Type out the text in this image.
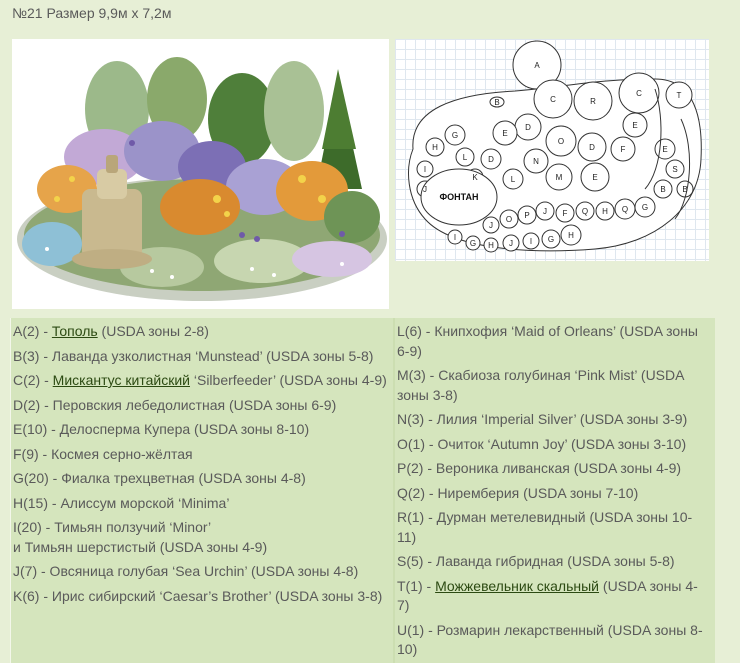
№21 Размер 9,9м х 7,2м
A
C	R
C	T
B
D
O
D	F
E
E
N
M	E
D
L
E
S
B
B
G
Q
H
Q
F
J
P
O
J
G
H
I
J
L
K
H
G
I
J
H
G
I
ФОНТАН

A(2) - Тополь (USDA зоны 2-8)

B(3) - Лаванда узколистная ‘Munstead’ (USDA зоны 5-8)

C(2) - Мискантус китайский ‘Silberfeeder’ (USDA зоны 4-9)

D(2) - Перовския лебедолистная (USDA зоны 6-9)

E(10) - Делосперма Купера (USDA зоны 8-10)

F(9) - Космея серно-жёлтая

G(20) - Фиалка трехцветная (USDA зоны 4-8)

H(15) - Алиссум морской ‘Minima’

I(20) - Тимьян ползучий ‘Minor’
и Тимьян шерстистый (USDA зоны 4-9)

J(7) - Овсяница голубая ‘Sea Urchin’ (USDA зоны 4-8)

K(6) - Ирис сибирский ‘Caesar’s Brother’ (USDA зоны 3-8)

L(6) - Книпхофия ‘Maid of Orleans’ (USDA зоны 6-9)

M(3) - Скабиоза голубиная ‘Pink Mist’ (USDA зоны 3-8)

N(3) - Лилия ‘Imperial Silver’ (USDA зоны 3-9)

O(1) - Очиток ‘Autumn Joy’ (USDA зоны 3-10)

P(2) - Вероника ливанская (USDA зоны 4-9)

Q(2) - Ниремберия (USDA зоны 7-10)

R(1) - Дурман метелевидный (USDA зоны 10-11)

S(5) - Лаванда гибридная (USDA зоны 5-8)

T(1) - Можжевельник скальный (USDA зоны 4-7)

U(1) - Розмарин лекарственный (USDA зоны 8-10)
